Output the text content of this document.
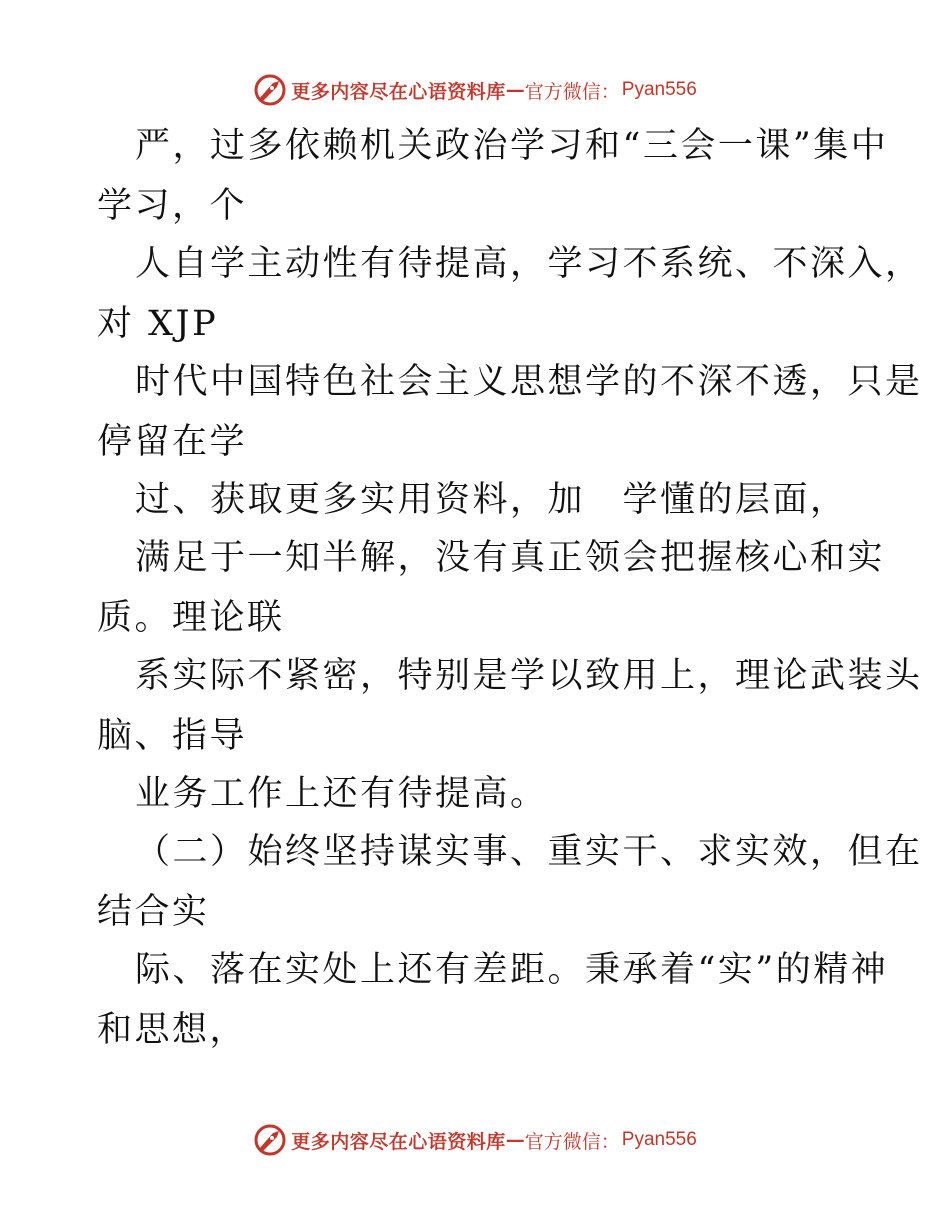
更多内容尽在心语资料库 — 官方微信 ： Pyan556
严，过多依赖机关政治学习和“三会一课”集中
学习，个
人自学主动性有待提高，学习不系统、不深入，
对 XJP
时代中国特色社会主义思想学的不深不透，只是
停留在学
过、获取更多实用资料，加　学懂的层面，
满足于一知半解，没有真正领会把握核心和实
质。理论联
系实际不紧密，特别是学以致用上，理论武装头
脑、指导
业务工作上还有待提高。
（二）始终坚持谋实事、重实干、求实效，但在
结合实
际、落在实处上还有差距。秉承着“实”的精神
和思想，
更多内容尽在心语资料库 — 官方微信 ： Pyan556
